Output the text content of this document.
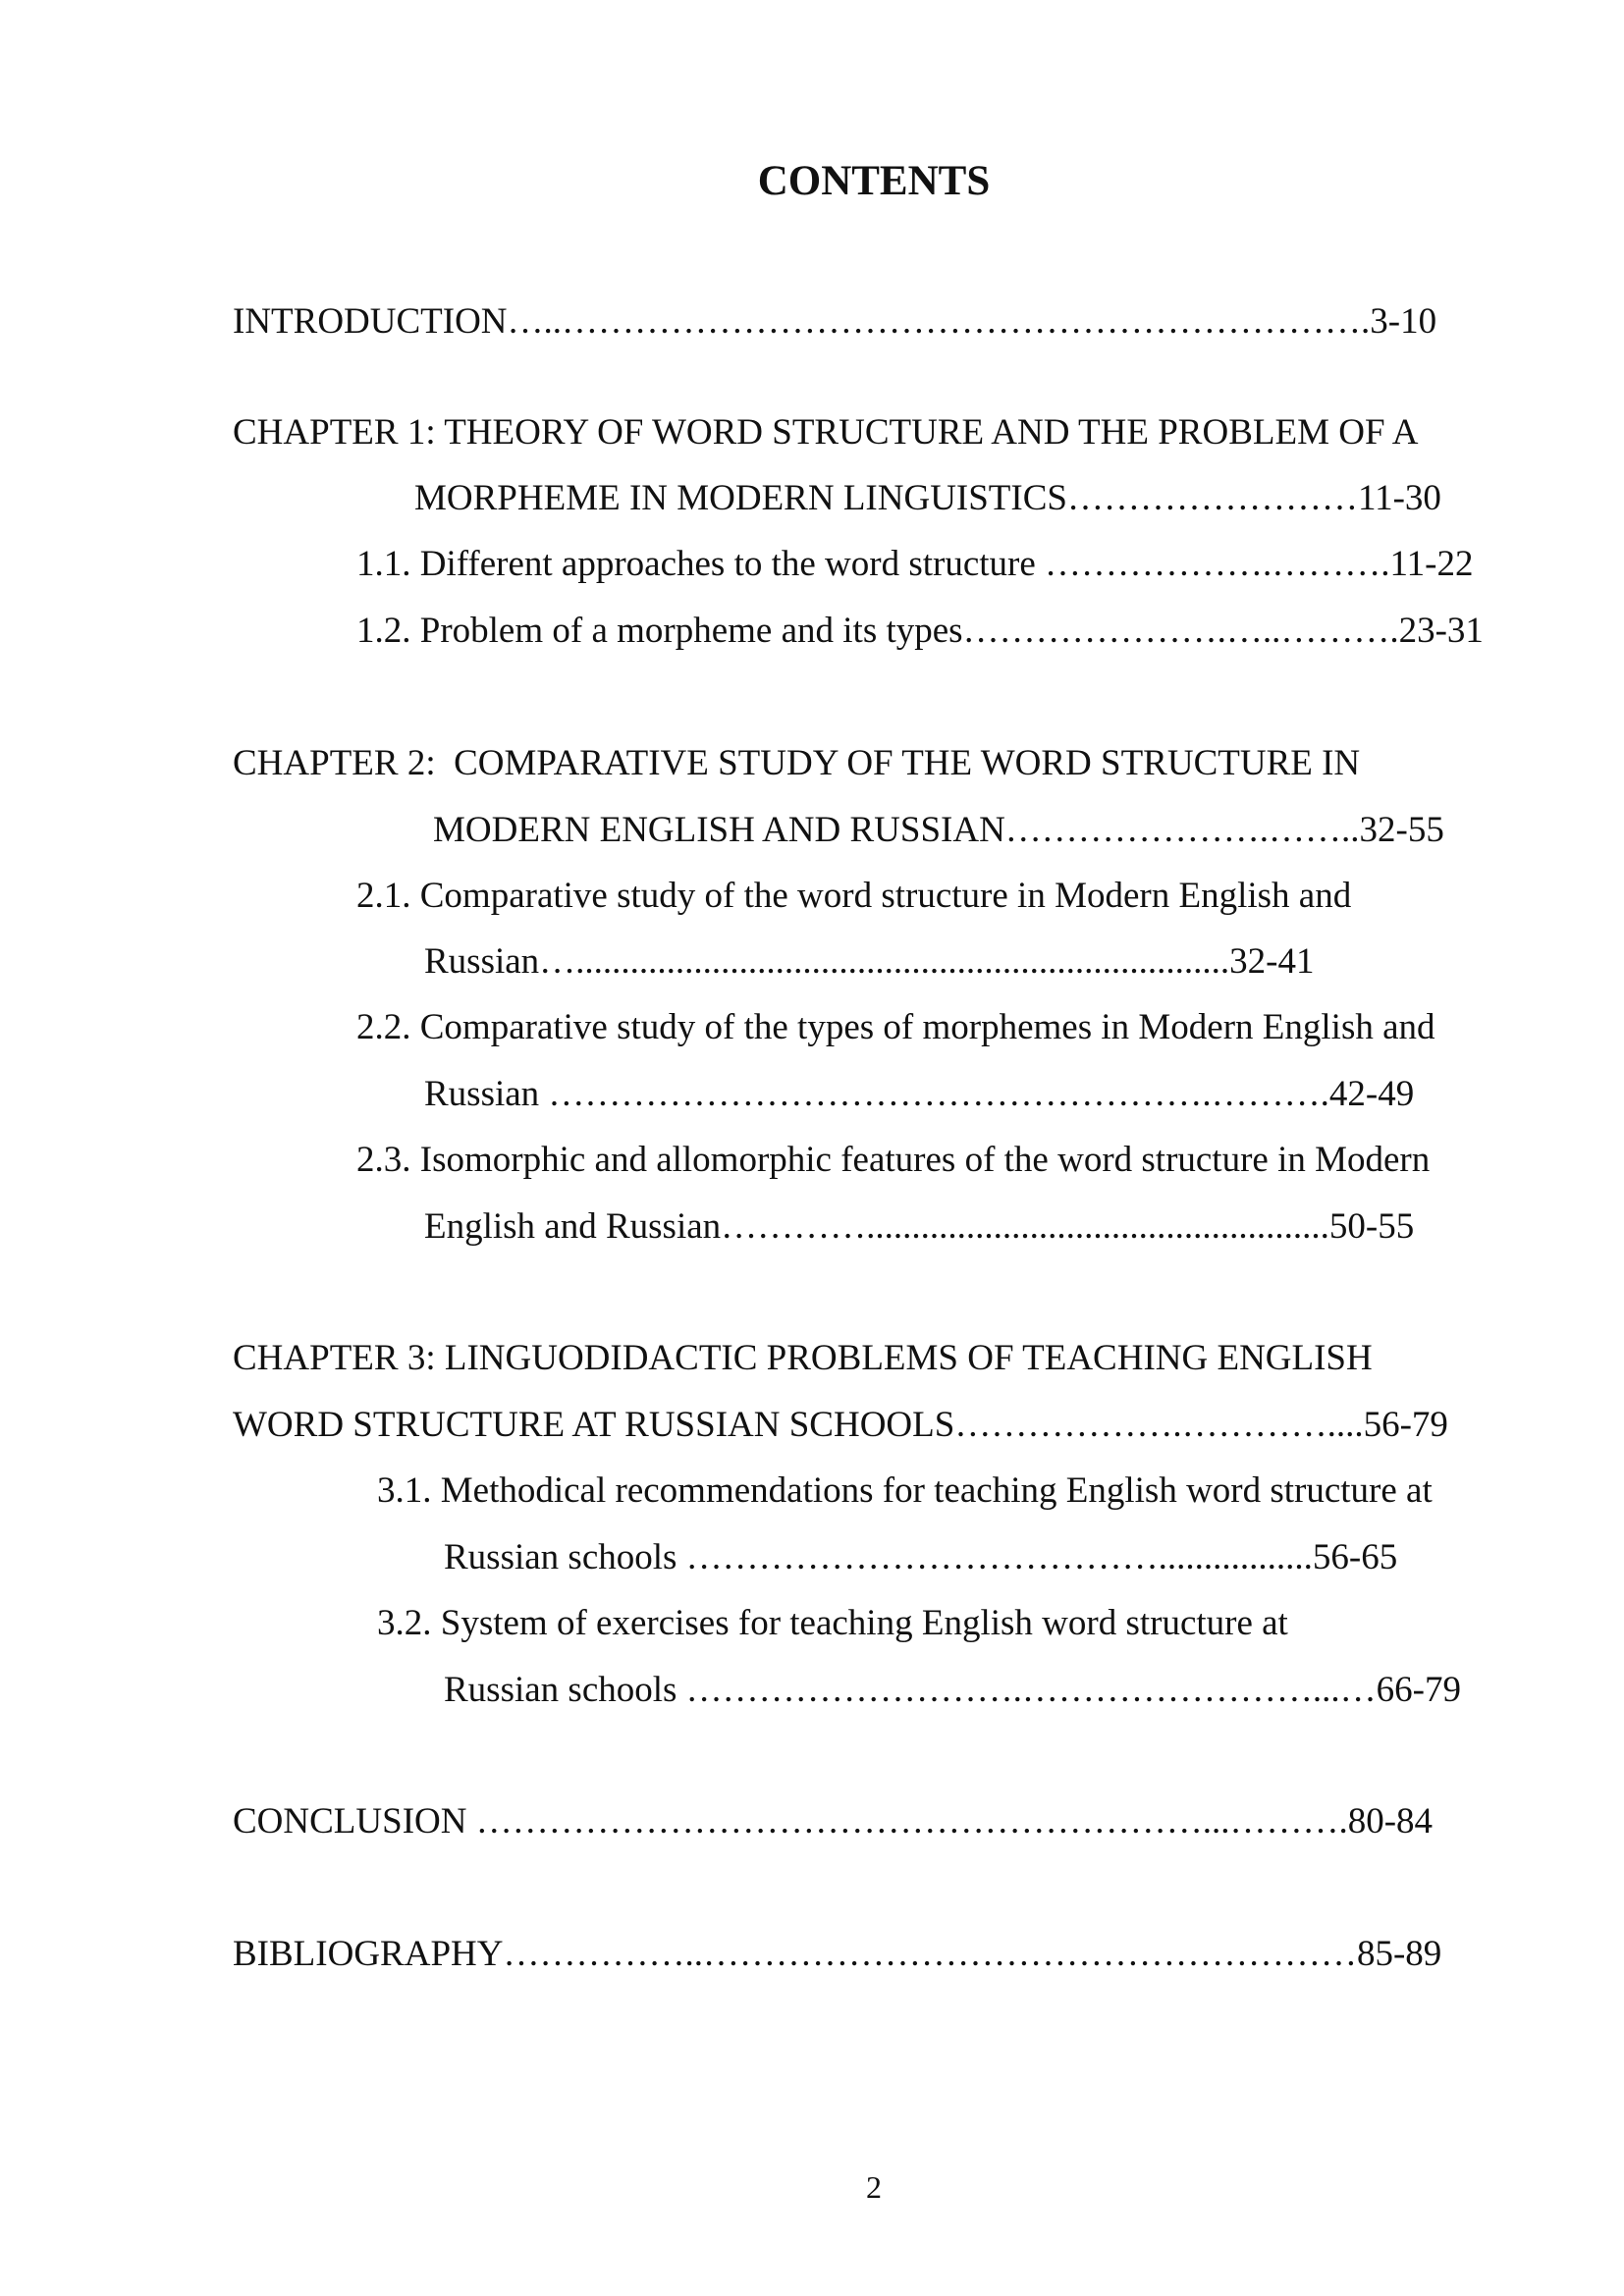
CONTENTS
INTRODUCTION…..………………………………………………………….3-10
CHAPTER 1: THEORY OF WORD STRUCTURE AND THE PROBLEM OF A
MORPHEME IN MODERN LINGUISTICS……………………11-30
1.1. Different approaches to the word structure ……………….……….11-22
1.2. Problem of a morpheme and its types………………….…..……….23-31
CHAPTER 2:  COMPARATIVE STUDY OF THE WORD STRUCTURE IN
MODERN ENGLISH AND RUSSIAN………………….……..32-55
2.1. Comparative study of the word structure in Modern English and
Russian…........................................................................32-41
2.2. Comparative study of the types of morphemes in Modern English and
Russian ……………………………………………….……….42-49
2.3. Isomorphic and allomorphic features of the word structure in Modern
English and Russian…………...................................................50-55
CHAPTER 3: LINGUODIDACTIC PROBLEMS OF TEACHING ENGLISH
WORD STRUCTURE AT RUSSIAN SCHOOLS……………….…………....56-79
3.1. Methodical recommendations for teaching English word structure at
Russian schools ………………………………….................56-65
3.2. System of exercises for teaching English word structure at
Russian schools ……………………….……………………...…66-79
CONCLUSION ……………………………………………………...……….80-84
BIBLIOGRAPHY……………..………………………………………………85-89
2
